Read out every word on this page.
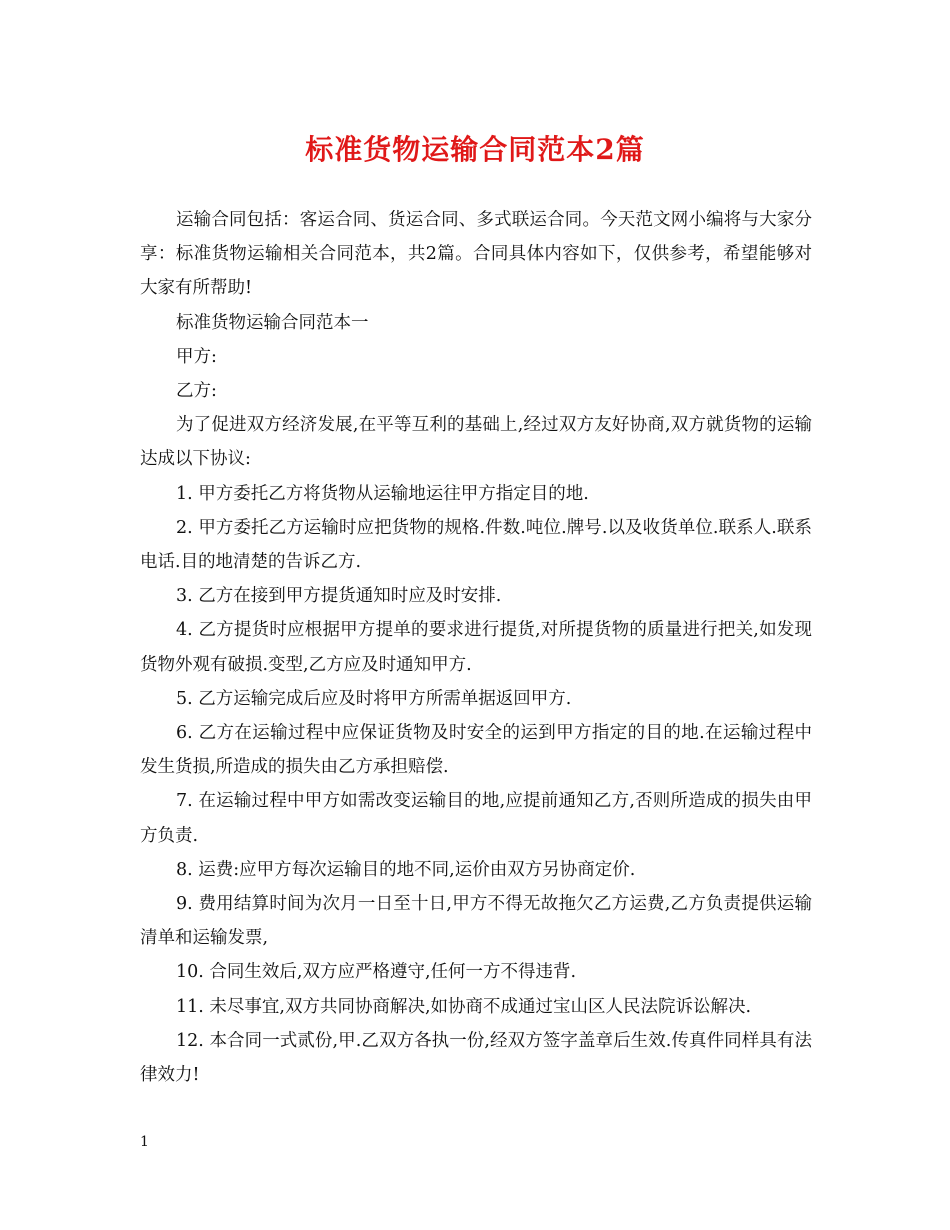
标准货物运输合同范本2篇

运输合同包括：客运合同、货运合同、多式联运合同。今天范文网小编将与大家分享：标准货物运输相关合同范本，共2篇。合同具体内容如下，仅供参考，希望能够对大家有所帮助!

标准货物运输合同范本一

甲方:

乙方:

为了促进双方经济发展,在平等互利的基础上,经过双方友好协商,双方就货物的运输达成以下协议:

1. 甲方委托乙方将货物从运输地运往甲方指定目的地.

2. 甲方委托乙方运输时应把货物的规格.件数.吨位.牌号.以及收货单位.联系人.联系电话.目的地清楚的告诉乙方.

3. 乙方在接到甲方提货通知时应及时安排.

4. 乙方提货时应根据甲方提单的要求进行提货,对所提货物的质量进行把关,如发现货物外观有破损.变型,乙方应及时通知甲方.

5. 乙方运输完成后应及时将甲方所需单据返回甲方.

6. 乙方在运输过程中应保证货物及时安全的运到甲方指定的目的地.在运输过程中发生货损,所造成的损失由乙方承担赔偿.

7. 在运输过程中甲方如需改变运输目的地,应提前通知乙方,否则所造成的损失由甲方负责.

8. 运费:应甲方每次运输目的地不同,运价由双方另协商定价.

9. 费用结算时间为次月一日至十日,甲方不得无故拖欠乙方运费,乙方负责提供运输清单和运输发票,

10. 合同生效后,双方应严格遵守,任何一方不得违背.

11. 未尽事宜,双方共同协商解决,如协商不成通过宝山区人民法院诉讼解决.

12. 本合同一式贰份,甲.乙双方各执一份,经双方签字盖章后生效.传真件同样具有法律效力!

1
